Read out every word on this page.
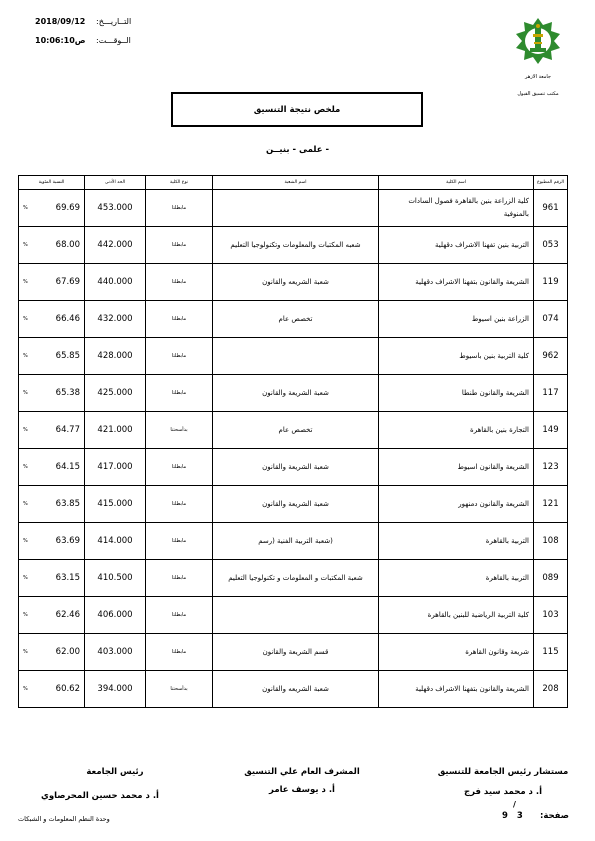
2018/09/12 التــاريـــخ:
ص10:06:10 الــوقـــت:
جامعة الازهر
مكتب تنسيق القبول
ملخص نتيجة التنسيق
- علمى - بنيــن
الرقم المطبوع	اسم الكلية	اسم الشعبة	نوع الكلية	الحد الأدنى	النسبة المئوية
961	كلية الزراعة بنين بالقاهرة فصول السادات بالمنوفية		مابطلتا	453.000	% 69.69

053	التربية بنين تفهنا الاشراف دقهلية	شعبه المكتبات والمعلومات وتكنولوجيا التعليم	مابطلتا	442.000	% 68.00

119	الشريعة والقانون بتفهنا الاشراف دقهلية	شعبة الشريعه والقانون	مابطلتا	440.000	% 67.69

074	الزراعة بنين اسيوط	تخصص عام	مابطلتا	432.000	% 66.46

962	كلية التربية بنين باسيوط		مابطلتا	428.000	% 65.85

117	الشريعة والقانون طنطا	شعبة الشريعة والقانون	مابطلتا	425.000	% 65.38

149	التجارة بنين بالقاهرة	تخصص عام	بدأسحتنا	421.000	% 64.77

123	الشريعة والقانون اسيوط	شعبة الشريعة والقانون	مابطلتا	417.000	% 64.15

121	الشريعة والقانون دمنهور	شعبة الشريعة والقانون	مابطلتا	415.000	% 63.85

108	التربية بالقاهرة	(شعبة التربية الفنية (رسم	مابطلتا	414.000	% 63.69

089	التربية بالقاهرة	شعبة المكتبات و المعلومات و تكنولوجيا التعليم	مابطلتا	410.500	% 63.15

103	كلية التربية الرياضية للبنين بالقاهرة		مابطلتا	406.000	% 62.46

115	شريعة وقانون القاهرة	قسم الشريعة والقانون	مابطلتا	403.000	% 62.00

208	الشريعة والقانون بتفهنا الاشراف دقهلية	شعبة الشريعه والقانون	بدأسحتنا	394.000	% 60.62
مستشار رئيس الجامعة للتنسيق
أ. د محمد سيد فرج
المشرف العام علي التنسيق
أ. د يوسف عامر
رئيس الجامعة
أ. د محمد حسين المحرصاوي
/
9 3 صفحة:
وحدة النظم المعلومات و الشبكات
